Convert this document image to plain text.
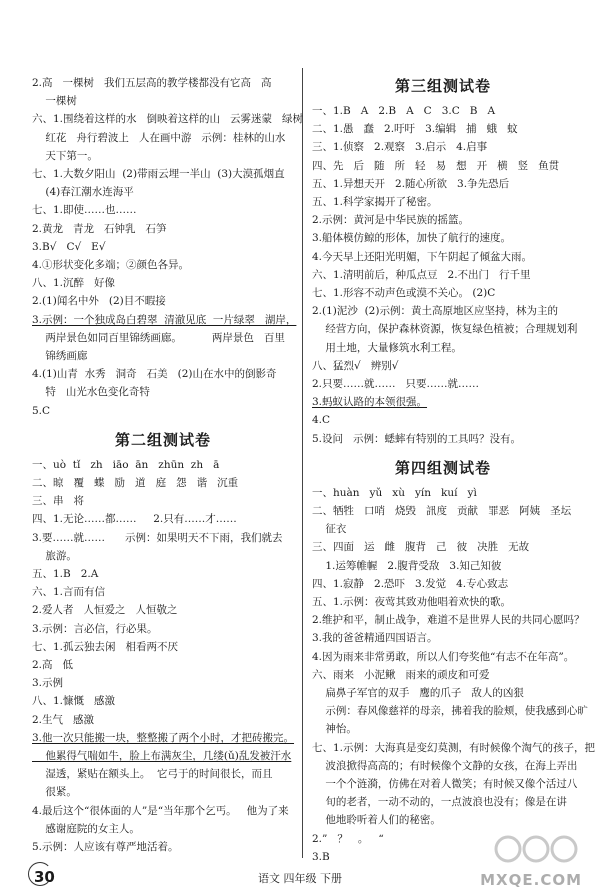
2.高   一棵树   我们五层高的教学楼都没有它高   高
一棵树
六、1.围绕着这样的水   倒映着这样的山   云雾迷蒙   绿树
红花   舟行碧波上   人在画中游   示例：桂林的山水
天下第一。
七、1.大数夕阳山  (2)带雨云埋一半山  (3)大漠孤烟直
(4)春江潮水连海平
七、1.即使……也……
2.黄龙   青龙   石钟乳   石笋
3.B√   C√   E√
4.①形状变化多端；②颜色各异。
八、1.沉醉   好像
2.(1)闻名中外   (2)目不暇接
3.示例：一个独成岛白碧翠  清澈见底  一片绿翠   湖岸，
两岸景色如同百里锦绣画廊。         两岸景色   百里
锦绣画廊
4.(1)山青  水秀   洞奇   石美   (2)山在水中的倒影奇
特   山光水色变化奇特
5.C
第二组测试卷
一、uò  tǐ   zh   iāo  ān   zhūn  zh   ā
二、晾   覆   蝶   励   道   庭   怨   谐   沉重
三、串   将
四、1.无论……都……     2.只有……才……
3.要……就……      示例：如果明天不下雨，我们就去
旅游。
五、1.B   2.A
六、1.言而有信
2.爱人者   人恒爱之   人恒敬之
3.示例：言必信，行必果。
七、1.孤云独去闲   相看两不厌
2.高   低
3.示例
八、1.慷慨   感激
2.生气   感激
3.他一次只能搬一块，整整搬了两个小时，才把砖搬完。
他累得气喘如牛，脸上布满灰尘，几缕(ǔ)乱发被汗水
湿透，紧贴在额头上。  它弓于的时间很长，而且
很紧。
4.最后这个“很体面的人”是“当年那个乞丐。   他为了来
感谢庭院的女主人。
5.示例：人应该有尊严地活着。
第三组测试卷
一、1.B   A   2.B   A   C   3.C   B   A
二、1.愚   蠢   2.吁吁   3.编辑   捕   蛾   蚊
三、1.侦察   2.观察   3.启示   4.启事
四、先   后   随   所   轻   易   想   开   横   竖   鱼贯
五、1.异想天开   2.随心所欲   3.争先恐后
五、1.科学家揭开了秘密。
2.示例：黄河是中华民族的摇篮。
3.船体模仿鲸的形体，加快了航行的速度。
4.今天早上还阳光明媚，下午阴起了倾盆大雨。
六、1.清明前后，种瓜点豆   2.不出门   行千里
七、1.形容不动声色或漠不关心。 (2)C
2.(1)泥沙  (2)示例：黄土高原地区应坚持，林为主的
经营方向，保护森林资源，恢复绿色植被；合理规划利
用土地，大量修筑水利工程。
八、猛烈√   辨别√
2.只要……就……   只要……就……
3.蚂蚁认路的本领很强。
4.C
5.设问   示例：蟋蟀有特别的工具吗？没有。
第四组测试卷
一、huàn   yǔ   xù   yín   kuí   yì
二、牺牲   口哨   烧毁   訊度   贡献   罪恶   阿姨   圣坛
征衣
三、四面   运   雌   腹背   己   彼   决胜   无故
1.运筹帷幄   2.腹背受敌   3.知己知彼
四、1.寂静   2.恐吓   3.发觉   4.专心致志
五、1.示例：夜莺其致劝他唱着欢快的歌。
2.维护和平，制止战争，难道不是世界人民的共同心愿吗？
3.我的爸爸精通四国语言。
4.因为雨来非常勇敢，所以人们夸奖他“有志不在年高”。
六、雨来   小泥鳅   雨来的顽皮和可爱
扁鼻子军官的双手   鹰的爪子   敌人的凶狠
示例：春风像慈祥的母亲，拂着我的脸颊，使我感到心旷
神怡。
七、1.示例：大海真是变幻莫测，有时候像个淘气的孩子，把
波浪掀得高高的；有时候像个文静的女孩，在海上弄出
一个个涟漪，仿佛在对着人微笑；有时候又像个活过八
旬的老者，一动不动的，一点波浪也没有；像是在讲
他地聆听着人们的秘密。
2.”   ？   。   “
3.B
30	语文 四年级 下册	MXQE.COM
